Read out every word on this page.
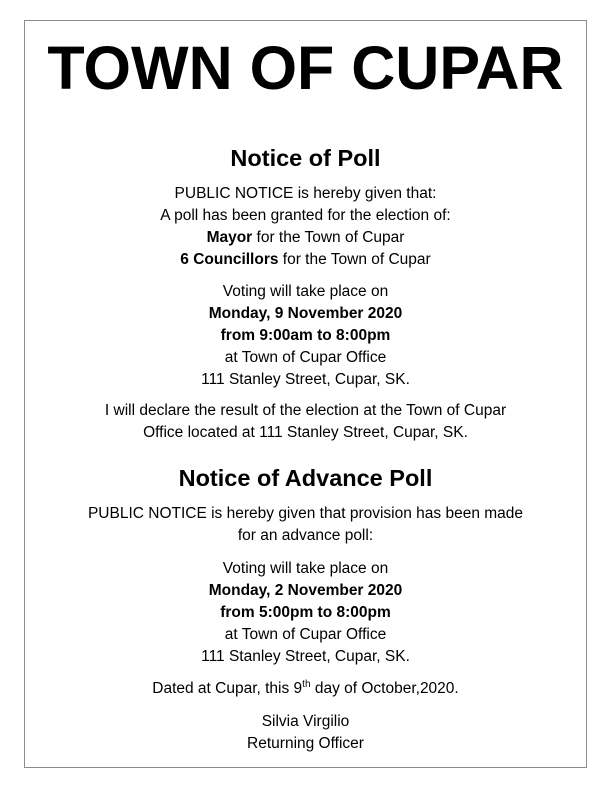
TOWN OF CUPAR
Notice of Poll

PUBLIC NOTICE is hereby given that:
A poll has been granted for the election of:
Mayor for the Town of Cupar
6 Councillors for the Town of Cupar

Voting will take place on
Monday, 9 November 2020
from 9:00am to 8:00pm
at Town of Cupar Office
111 Stanley Street, Cupar, SK.

I will declare the result of the election at the Town of Cupar
Office located at 111 Stanley Street, Cupar, SK.

Notice of Advance Poll

PUBLIC NOTICE is hereby given that provision has been made
for an advance poll:

Voting will take place on
Monday, 2 November 2020
from 5:00pm to 8:00pm
at Town of Cupar Office
111 Stanley Street, Cupar, SK.

Dated at Cupar, this 9th day of October,2020.

Silvia Virgilio
Returning Officer
